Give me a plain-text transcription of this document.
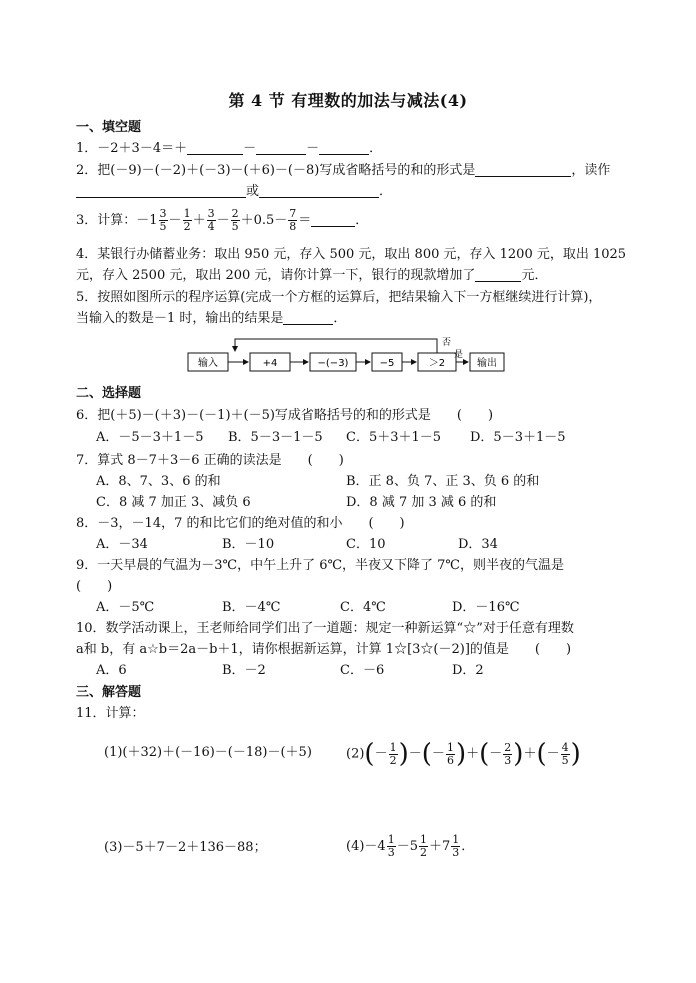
第 4 节 有理数的加法与减法(4)
一、填空题
1．－2＋3－4＝＋	－	－	．
2．把(－9)－(－2)＋(－3)－(＋6)－(－8)写成省略括号的和的形式是	，读作
或	．
3．计算：$-1 \frac{3}{5} - \frac{1}{2} + \frac{3}{4} - \frac{2}{5} +0.5- \frac{7}{8}$ ＝	．
4．某银行办储蓄业务：取出 950 元，存入 500 元，取出 800 元，存入 1200 元，取出 1025
元，存入 2500 元，取出 200 元，请你计算一下，银行的现款增加了	元．
5．按照如图所示的程序运算(完成一个方框的运算后，把结果输入下一方框继续进行计算)，
当输入的数是－1 时，输出的结果是	．
输入	+4	−(−3)	−5	＞2
是
输出
否
二、选择题
6．把(＋5)－(＋3)－(－1)＋(－5)写成省略括号的和的形式是　　(　　)
A．－5－3＋1－5 B．5－3－1－5 C．5＋3＋1－5 D．5－3＋1－5
7．算式 8－7＋3－6 正确的读法是　　(　　)
A．8、7、3、6 的和	B．正 8、负 7、正 3、负 6 的和
C．8 减 7 加正 3、减负 6	D．8 减 7 加 3 减 6 的和
8．－3，－14，7 的和比它们的绝对值的和小　　(　　)
A．－34	B．－10	C．10	D．34
9．一天早晨的气温为－3℃，中午上升了 6℃，半夜又下降了 7℃，则半夜的气温是
(　　)
A．－5℃	B．－4℃	C．4℃	D．－16℃
10．数学活动课上，王老师给同学们出了一道题：规定一种新运算“☆”对于任意有理数
a和 b，有 a☆b＝2a－b＋1，请你根据新运算，计算 1☆[3☆(－2)]的值是　　(　　)
A．6	B．－2	C．－6	D．2
三、解答题
11．计算：
(1)(＋32)＋(－16)－(－18)－(＋5)	$(2)(- \frac{1}{2}$ )－(－ $\frac{1}{6}$ )＋(－ $\frac{2}{3}$ )＋(－ $\frac{4}{5}$ )
(3)－5＋7－2＋136－88；	$(4)-4 \frac{1}{3} -5 \frac{1}{2} +7 \frac{1}{3}$ ．
